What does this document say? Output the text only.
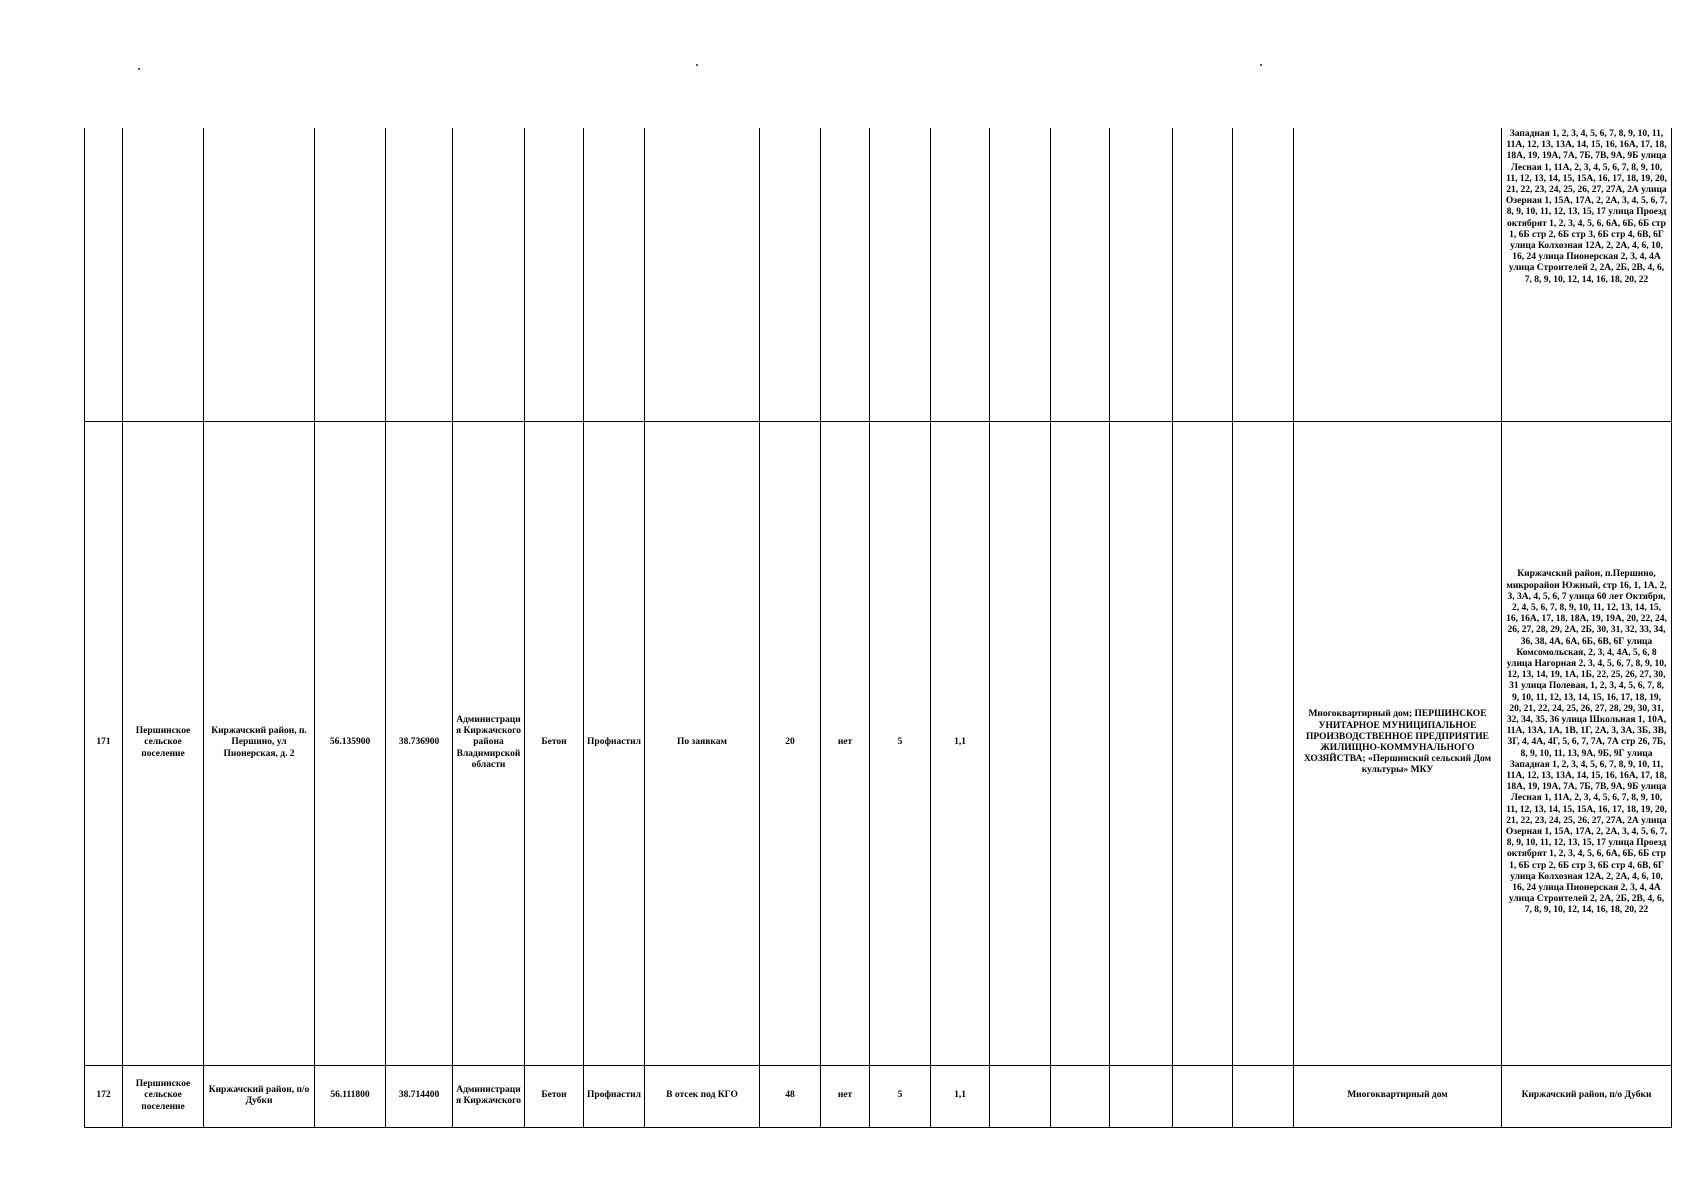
																			Западная 1, 2, 3, 4, 5, 6, 7, 8, 9, 10, 11, 11А, 12, 13, 13А, 14, 15, 16, 16А, 17, 18, 18А, 19, 19А, 7А, 7Б, 7В, 9А, 9Б улица Лесная 1, 11А, 2, 3, 4, 5, 6, 7, 8, 9, 10, 11, 12, 13, 14, 15, 15А, 16, 17, 18, 19, 20, 21, 22, 23, 24, 25, 26, 27, 27А, 2А улица Озерная 1, 15А, 17А, 2, 2А, 3, 4, 5, 6, 7, 8, 9, 10, 11, 12, 13, 15, 17 улица Проезд октябрят 1, 2, 3, 4, 5, 6, 6А, 6Б, 6Б стр 1, 6Б стр 2, 6Б стр 3, 6Б стр 4, 6В, 6Г улица Колхозная 12А, 2, 2А, 4, 6, 10, 16, 24 улица Пионерская 2, 3, 4, 4А улица Строителей 2, 2А, 2Б, 2В, 4, 6, 7, 8, 9, 10, 12, 14, 16, 18, 20, 22
171	Першинское сельское поселение	Киржачский район, п. Першино, ул Пионерская, д. 2	56.135900	38.736900	Администрация Киржачского района Владимирской области	Бетон	Профнастил	По заявкам	20	нет	5	1,1						Многоквартирный дом; ПЕРШИНСКОЕ УНИТАРНОЕ МУНИЦИПАЛЬНОЕ ПРОИЗВОДСТВЕННОЕ ПРЕДПРИЯТИЕ ЖИЛИЩНО-КОММУНАЛЬНОГО ХОЗЯЙСТВА; «Першинский сельский Дом культуры» МКУ	Киржачский район, п.Першино, микрорайон Южный, стр 16, 1, 1А, 2, 3, 3А, 4, 5, 6, 7 улица 60 лет Октября, 2, 4, 5, 6, 7, 8, 9, 10, 11, 12, 13, 14, 15, 16, 16А, 17, 18, 18А, 19, 19А, 20, 22, 24, 26, 27, 28, 29, 2А, 2Б, 30, 31, 32, 33, 34, 36, 38, 4А, 6А, 6Б, 6В, 6Г улица Комсомольская, 2, 3, 4, 4А, 5, 6, 8 улица Нагорная 2, 3, 4, 5, 6, 7, 8, 9, 10, 12, 13, 14, 19, 1А, 1Б, 22, 25, 26, 27, 30, 31 улица Полевая, 1, 2, 3, 4, 5, 6, 7, 8, 9, 10, 11, 12, 13, 14, 15, 16, 17, 18, 19, 20, 21, 22, 24, 25, 26, 27, 28, 29, 30, 31, 32, 34, 35, 36 улица Школьная 1, 10А, 11А, 13А, 1А, 1В, 1Г, 2А, 3, 3А, 3Б, 3В, 3Г, 4, 4А, 4Г, 5, 6, 7, 7А, 7А стр 26, 7Б, 8, 9, 10, 11, 13, 9А, 9Б, 9Г улица Западная 1, 2, 3, 4, 5, 6, 7, 8, 9, 10, 11, 11А, 12, 13, 13А, 14, 15, 16, 16А, 17, 18, 18А, 19, 19А, 7А, 7Б, 7В, 9А, 9Б улица Лесная 1, 11А, 2, 3, 4, 5, 6, 7, 8, 9, 10, 11, 12, 13, 14, 15, 15А, 16, 17, 18, 19, 20, 21, 22, 23, 24, 25, 26, 27, 27А, 2А улица Озерная 1, 15А, 17А, 2, 2А, 3, 4, 5, 6, 7, 8, 9, 10, 11, 12, 13, 15, 17 улица Проезд октябрят 1, 2, 3, 4, 5, 6, 6А, 6Б, 6Б стр 1, 6Б стр 2, 6Б стр 3, 6Б стр 4, 6В, 6Г улица Колхозная 12А, 2, 2А, 4, 6, 10, 16, 24 улица Пионерская 2, 3, 4, 4А улица Строителей 2, 2А, 2Б, 2В, 4, 6, 7, 8, 9, 10, 12, 14, 16, 18, 20, 22
172	Першинское сельское поселение	Киржачский район, п/о Дубки	56.111800	38.714400	Администрация Киржачского	Бетон	Профнастил	В отсек под КГО	48	нет	5	1,1						Многоквартирный дом	Киржачский район, п/о Дубки
